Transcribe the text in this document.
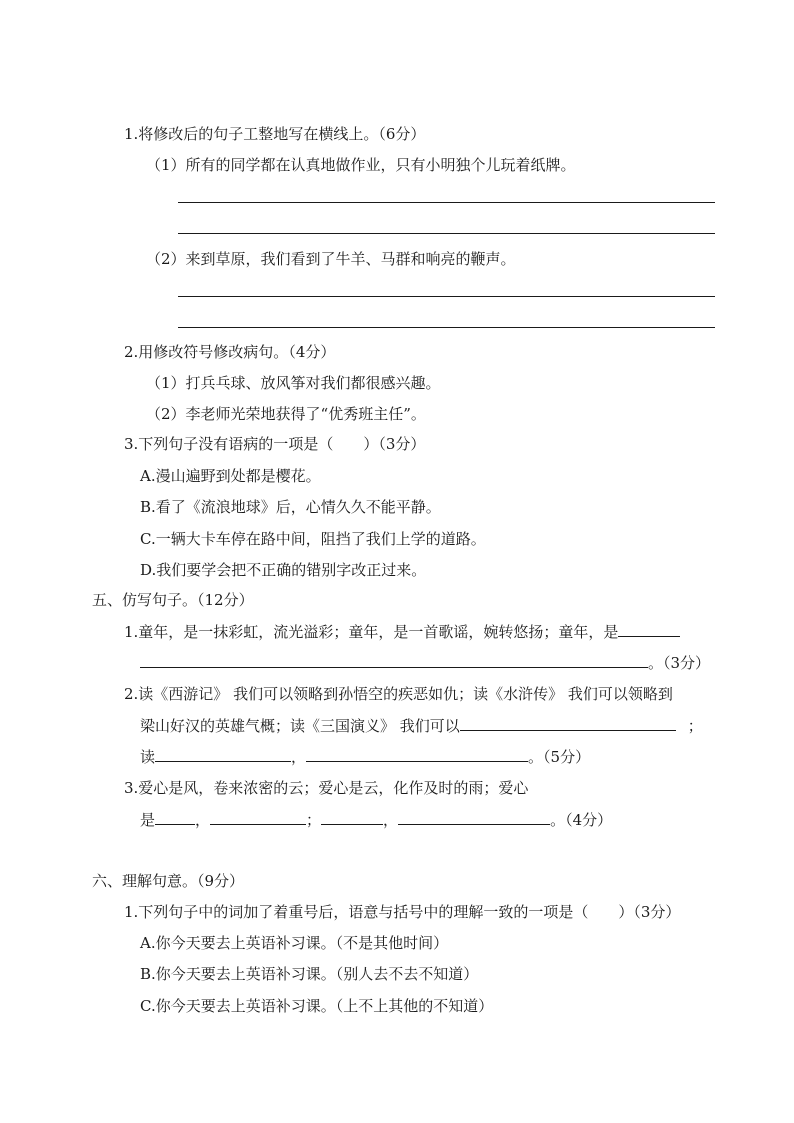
1.将修改后的句子工整地写在横线上。（6分）
（1）所有的同学都在认真地做作业，只有小明独个儿玩着纸牌。
（2）来到草原，我们看到了牛羊、马群和响亮的鞭声。
2.用修改符号修改病句。（4分）
（1）打兵乓球、放风筝对我们都很感兴趣。
（2）李老师光荣地获得了“优秀班主任”。
3.下列句子没有语病的一项是（　　）（3分）
A.漫山遍野到处都是樱花。
B.看了《流浪地球》后，心情久久不能平静。
C.一辆大卡车停在路中间，阻挡了我们上学的道路。
D.我们要学会把不正确的错别字改正过来。
五、仿写句子。（12分）
1.童年，是一抹彩虹，流光溢彩；童年，是一首歌谣，婉转悠扬；童年，是
。（3分）
2.读《西游记》 我们可以领略到孙悟空的疾恶如仇；读《水浒传》 我们可以领略到
梁山好汉的英雄气概；读《三国演义》 我们可以	；
读	，	。（5分）
3.爱心是风，卷来浓密的云；爱心是云，化作及时的雨；爱心
是	，	；	，	。（4分）
六、理解句意。（9分）
1.下列句子中的词加了着重号后，语意与括号中的理解一致的一项是（　　）（3分）
A.你今天要去上英语补习课。（不是其他时间）
B.你今天要去上英语补习课。（别人去不去不知道）
C.你今天要去上英语补习课。（上不上其他的不知道）
